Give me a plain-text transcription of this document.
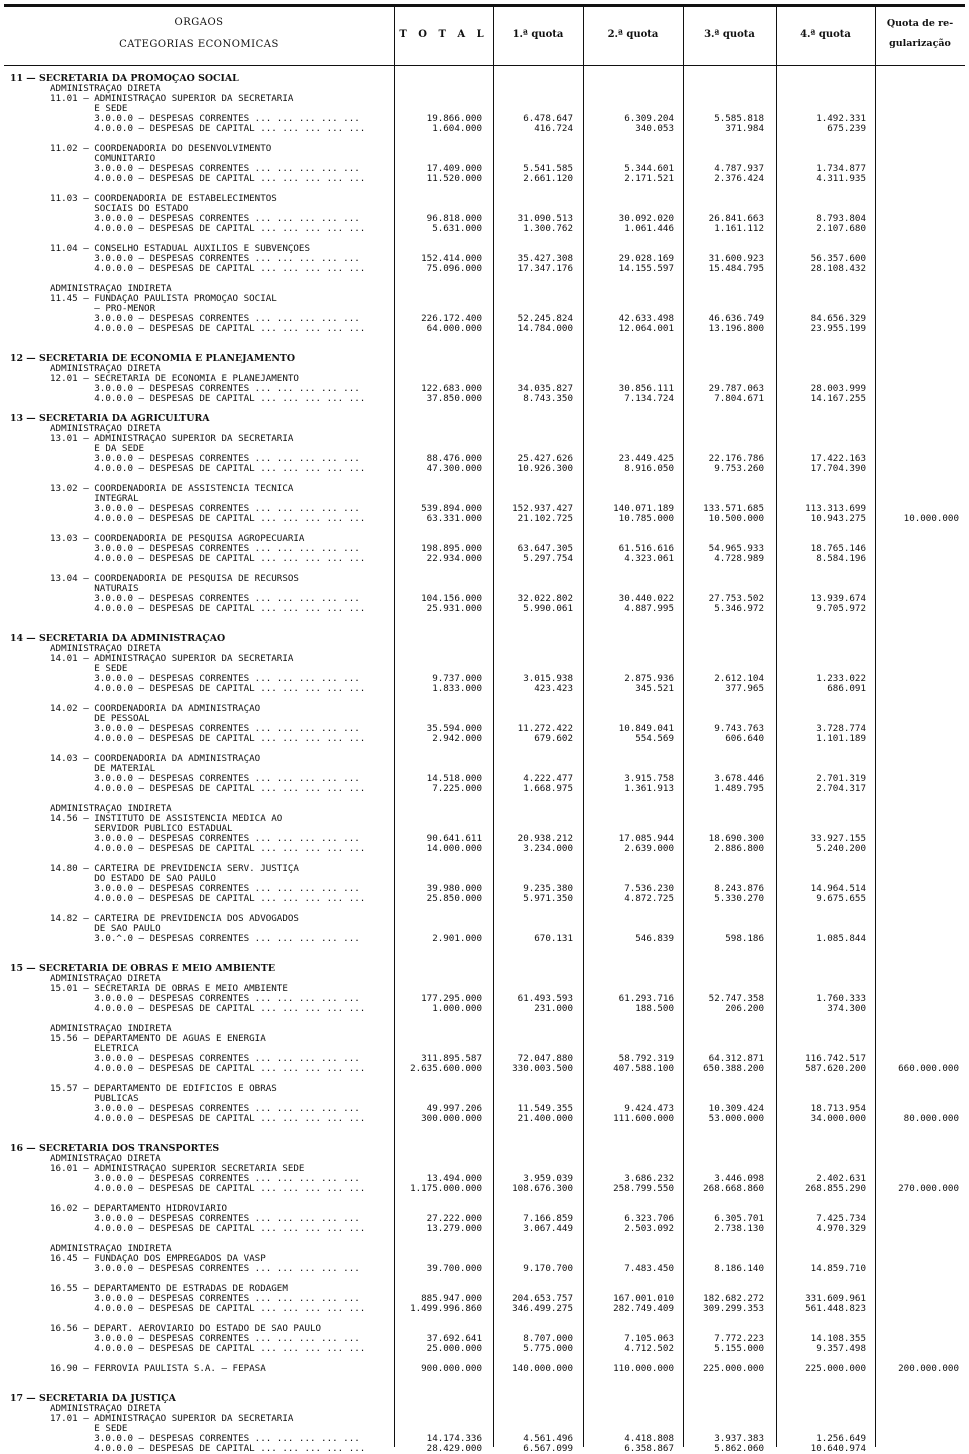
ORGAOS
CATEGORIAS ECONOMICAS
T O T A L	1.ª quota	2.ª quota	3.ª quota	4.ª quota
Quota de re-
gularização
11 — SECRETARIA DA PROMOÇÃO SOCIAL
ADMINISTRAÇÃO DIRETA
11.01 — ADMINISTRAÇÃO SUPERIOR DA SECRETARIA
E SEDE
3.0.0.0 — DESPESAS CORRENTES ... ... ... ... ...	19.866.000	6.478.647	6.309.204	5.585.818	1.492.331
4.0.0.0 — DESPESAS DE CAPITAL ... ... ... ... ...	1.604.000	416.724	340.053	371.984	675.239
11.02 — COORDENADORIA DO DESENVOLVIMENTO
COMUNITARIO
3.0.0.0 — DESPESAS CORRENTES ... ... ... ... ...	17.409.000	5.541.585	5.344.601	4.787.937	1.734.877
4.0.0.0 — DESPESAS DE CAPITAL ... ... ... ... ...	11.520.000	2.661.120	2.171.521	2.376.424	4.311.935
11.03 — COORDENADORIA DE ESTABELECIMENTOS
SOCIAIS DO ESTADO
3.0.0.0 — DESPESAS CORRENTES ... ... ... ... ...	96.818.000	31.090.513	30.092.020	26.841.663	8.793.804
4.0.0.0 — DESPESAS DE CAPITAL ... ... ... ... ...	5.631.000	1.300.762	1.061.446	1.161.112	2.107.680
11.04 — CONSELHO ESTADUAL AUXILIOS E SUBVENÇÕES
3.0.0.0 — DESPESAS CORRENTES ... ... ... ... ...	152.414.000	35.427.308	29.028.169	31.600.923	56.357.600
4.0.0.0 — DESPESAS DE CAPITAL ... ... ... ... ...	75.096.000	17.347.176	14.155.597	15.484.795	28.108.432
ADMINISTRAÇÃO INDIRETA
11.45 — FUNDAÇÃO PAULISTA PROMOÇÃO SOCIAL
— PRO-MENOR
3.0.0.0 — DESPESAS CORRENTES ... ... ... ... ...	226.172.400	52.245.824	42.633.498	46.636.749	84.656.329
4.0.0.0 — DESPESAS DE CAPITAL ... ... ... ... ...	64.000.000	14.784.000	12.064.001	13.196.800	23.955.199
12 — SECRETARIA DE ECONOMIA E PLANEJAMENTO
ADMINISTRAÇÃO DIRETA
12.01 — SECRETARIA DE ECONOMIA E PLANEJAMENTO
3.0.0.0 — DESPESAS CORRENTES ... ... ... ... ...	122.683.000	34.035.827	30.856.111	29.787.063	28.003.999
4.0.0.0 — DESPESAS DE CAPITAL ... ... ... ... ...	37.850.000	8.743.350	7.134.724	7.804.671	14.167.255
13 — SECRETARIA DA AGRICULTURA
ADMINISTRAÇÃO DIRETA
13.01 — ADMINISTRAÇÃO SUPERIOR DA SECRETARIA
E DA SEDE
3.0.0.0 — DESPESAS CORRENTES ... ... ... ... ...	88.476.000	25.427.626	23.449.425	22.176.786	17.422.163
4.0.0.0 — DESPESAS DE CAPITAL ... ... ... ... ...	47.300.000	10.926.300	8.916.050	9.753.260	17.704.390
13.02 — COORDENADORIA DE ASSISTENCIA TÉCNICA
INTEGRAL
3.0.0.0 — DESPESAS CORRENTES ... ... ... ... ...	539.894.000	152.937.427	140.071.189	133.571.685	113.313.699
4.0.0.0 — DESPESAS DE CAPITAL ... ... ... ... ...	63.331.000	21.102.725	10.785.000	10.500.000	10.943.275	10.000.000
13.03 — COORDENADORIA DE PESQUISA AGROPECUARIA
3.0.0.0 — DESPESAS CORRENTES ... ... ... ... ...	198.895.000	63.647.305	61.516.616	54.965.933	18.765.146
4.0.0.0 — DESPESAS DE CAPITAL ... ... ... ... ...	22.934.000	5.297.754	4.323.061	4.728.989	8.584.196
13.04 — COORDENADORIA DE PESQUISA DE RECURSOS
NATURAIS
3.0.0.0 — DESPESAS CORRENTES ... ... ... ... ...	104.156.000	32.022.802	30.440.022	27.753.502	13.939.674
4.0.0.0 — DESPESAS DE CAPITAL ... ... ... ... ...	25.931.000	5.990.061	4.887.995	5.346.972	9.705.972
14 — SECRETARIA DA ADMINISTRAÇÃO
ADMINISTRAÇÃO DIRETA
14.01 — ADMINISTRAÇÃO SUPERIOR DA SECRETARIA
E SEDE
3.0.0.0 — DESPESAS CORRENTES ... ... ... ... ...	9.737.000	3.015.938	2.875.936	2.612.104	1.233.022
4.0.0.0 — DESPESAS DE CAPITAL ... ... ... ... ...	1.833.000	423.423	345.521	377.965	686.091
14.02 — COORDENADORIA DA ADMINISTRAÇÃO
DE PESSOAL
3.0.0.0 — DESPESAS CORRENTES ... ... ... ... ...	35.594.000	11.272.422	10.849.041	9.743.763	3.728.774
4.0.0.0 — DESPESAS DE CAPITAL ... ... ... ... ...	2.942.000	679.602	554.569	606.640	1.101.189
14.03 — COORDENADORIA DA ADMINISTRAÇÃO
DE MATERIAL
3.0.0.0 — DESPESAS CORRENTES ... ... ... ... ...	14.518.000	4.222.477	3.915.758	3.678.446	2.701.319
4.0.0.0 — DESPESAS DE CAPITAL ... ... ... ... ...	7.225.000	1.668.975	1.361.913	1.489.795	2.704.317
ADMINISTRAÇÃO INDIRETA
14.56 — INSTITUTO DE ASSISTENCIA MÉDICA AO
SERVIDOR PÚBLICO ESTADUAL
3.0.0.0 — DESPESAS CORRENTES ... ... ... ... ...	90.641.611	20.938.212	17.085.944	18.690.300	33.927.155
4.0.0.0 — DESPESAS DE CAPITAL ... ... ... ... ...	14.000.000	3.234.000	2.639.000	2.886.800	5.240.200
14.80 — CARTEIRA DE PREVIDÊNCIA SERV. JUSTIÇA
DO ESTADO DE SÃO PAULO
3.0.0.0 — DESPESAS CORRENTES ... ... ... ... ...	39.980.000	9.235.380	7.536.230	8.243.876	14.964.514
4.0.0.0 — DESPESAS DE CAPITAL ... ... ... ... ...	25.850.000	5.971.350	4.872.725	5.330.270	9.675.655
14.82 — CARTEIRA DE PREVIDÊNCIA DOS ADVOGADOS
DE SÃO PAULO
3.0.^.0 — DESPESAS CORRENTES ... ... ... ... ...	2.901.000	670.131	546.839	598.186	1.085.844
15 — SECRETARIA DE OBRAS E MEIO AMBIENTE
ADMINISTRAÇÃO DIRETA
15.01 — SECRETARIA DE OBRAS E MEIO AMBIENTE
3.0.0.0 — DESPESAS CORRENTES ... ... ... ... ...	177.295.000	61.493.593	61.293.716	52.747.358	1.760.333
4.0.0.0 — DESPESAS DE CAPITAL ... ... ... ... ...	1.000.000	231.000	188.500	206.200	374.300
ADMINISTRAÇÃO INDIRETA
15.56 — DEPARTAMENTO DE ÁGUAS E ENERGIA
ELÉTRICA
3.0.0.0 — DESPESAS CORRENTES ... ... ... ... ...	311.895.587	72.047.880	58.792.319	64.312.871	116.742.517
4.0.0.0 — DESPESAS DE CAPITAL ... ... ... ... ...	2.635.600.000	330.003.500	407.588.100	650.388.200	587.620.200	660.000.000
15.57 — DEPARTAMENTO DE EDIFICIOS E OBRAS
PUBLICAS
3.0.0.0 — DESPESAS CORRENTES ... ... ... ... ...	49.997.206	11.549.355	9.424.473	10.309.424	18.713.954
4.0.0.0 — DESPESAS DE CAPITAL ... ... ... ... ...	300.000.000	21.400.000	111.600.000	53.000.000	34.000.000	80.000.000
16 — SECRETARIA DOS TRANSPORTES
ADMINISTRAÇÃO DIRETA
16.01 — ADMINISTRAÇÃO SUPERIOR SECRETARIA SEDE
3.0.0.0 — DESPESAS CORRENTES ... ... ... ... ...	13.494.000	3.959.039	3.686.232	3.446.098	2.402.631
4.0.0.0 — DESPESAS DE CAPITAL ... ... ... ... ...	1.175.000.000	108.676.300	258.799.550	268.668.860	268.855.290	270.000.000
16.02 — DEPARTAMENTO HIDROVIARIO
3.0.0.0 — DESPESAS CORRENTES ... ... ... ... ...	27.222.000	7.166.859	6.323.706	6.305.701	7.425.734
4.0.0.0 — DESPESAS DE CAPITAL ... ... ... ... ...	13.279.000	3.067.449	2.503.092	2.738.130	4.970.329
ADMINISTRAÇÃO INDIRETA
16.45 — FUNDAÇÃO DOS EMPREGADOS DA VASP
3.0.0.0 — DESPESAS CORRENTES ... ... ... ... ...	39.700.000	9.170.700	7.483.450	8.186.140	14.859.710
16.55 — DEPARTAMENTO DE ESTRADAS DE RODAGEM
3.0.0.0 — DESPESAS CORRENTES ... ... ... ... ...	885.947.000	204.653.757	167.001.010	182.682.272	331.609.961
4.0.0.0 — DESPESAS DE CAPITAL ... ... ... ... ...	1.499.996.860	346.499.275	282.749.409	309.299.353	561.448.823
16.56 — DEPART. AEROVIARIO DO ESTADO DE SÃO PAULO
3.0.0.0 — DESPESAS CORRENTES ... ... ... ... ...	37.692.641	8.707.000	7.105.063	7.772.223	14.108.355
4.0.0.0 — DESPESAS DE CAPITAL ... ... ... ... ...	25.000.000	5.775.000	4.712.502	5.155.000	9.357.498
16.90 — FERROVIA PAULISTA S.A. — FEPASA	900.000.000	140.000.000	110.000.000	225.000.000	225.000.000	200.000.000
17 — SECRETARIA DA JUSTIÇA
ADMINISTRAÇÃO DIRETA
17.01 — ADMINISTRAÇÃO SUPERIOR DA SECRETARIA
E SEDE
3.0.0.0 — DESPESAS CORRENTES ... ... ... ... ...	14.174.336	4.561.496	4.418.808	3.937.383	1.256.649
4.0.0.0 — DESPESAS DE CAPITAL ... ... ... ... ...	28.429.000	6.567.099	6.358.867	5.862.060	10.640.974
